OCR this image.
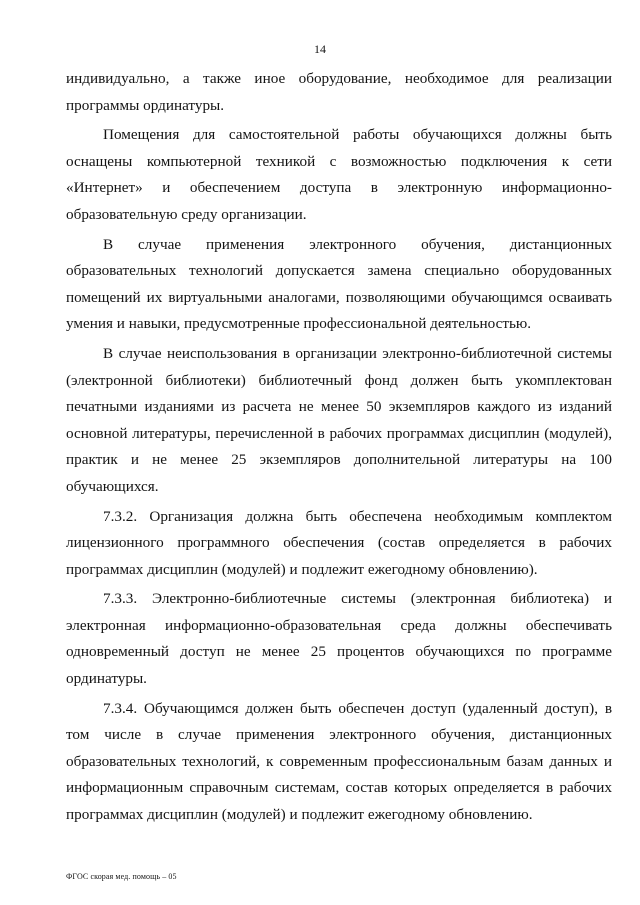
14

индивидуально, а также иное оборудование, необходимое для реализации программы ординатуры.

Помещения для самостоятельной работы обучающихся должны быть оснащены компьютерной техникой с возможностью подключения к сети «Интернет» и обеспечением доступа в электронную информационно-образовательную среду организации.

В случае применения электронного обучения, дистанционных образовательных технологий допускается замена специально оборудованных помещений их виртуальными аналогами, позволяющими обучающимся осваивать умения и навыки, предусмотренные профессиональной деятельностью.

В случае неиспользования в организации электронно-библиотечной системы (электронной библиотеки) библиотечный фонд должен быть укомплектован печатными изданиями из расчета не менее 50 экземпляров каждого из изданий основной литературы, перечисленной в рабочих программах дисциплин (модулей), практик и не менее 25 экземпляров дополнительной литературы на 100 обучающихся.

7.3.2. Организация должна быть обеспечена необходимым комплектом лицензионного программного обеспечения (состав определяется в рабочих программах дисциплин (модулей) и подлежит ежегодному обновлению).

7.3.3. Электронно-библиотечные системы (электронная библиотека) и электронная информационно-образовательная среда должны обеспечивать одновременный доступ не менее 25 процентов обучающихся по программе ординатуры.

7.3.4. Обучающимся должен быть обеспечен доступ (удаленный доступ), в том числе в случае применения электронного обучения, дистанционных образовательных технологий, к современным профессиональным базам данных и информационным справочным системам, состав которых определяется в рабочих программах дисциплин (модулей) и подлежит ежегодному обновлению.

ФГОС скорая мед. помощь – 05
